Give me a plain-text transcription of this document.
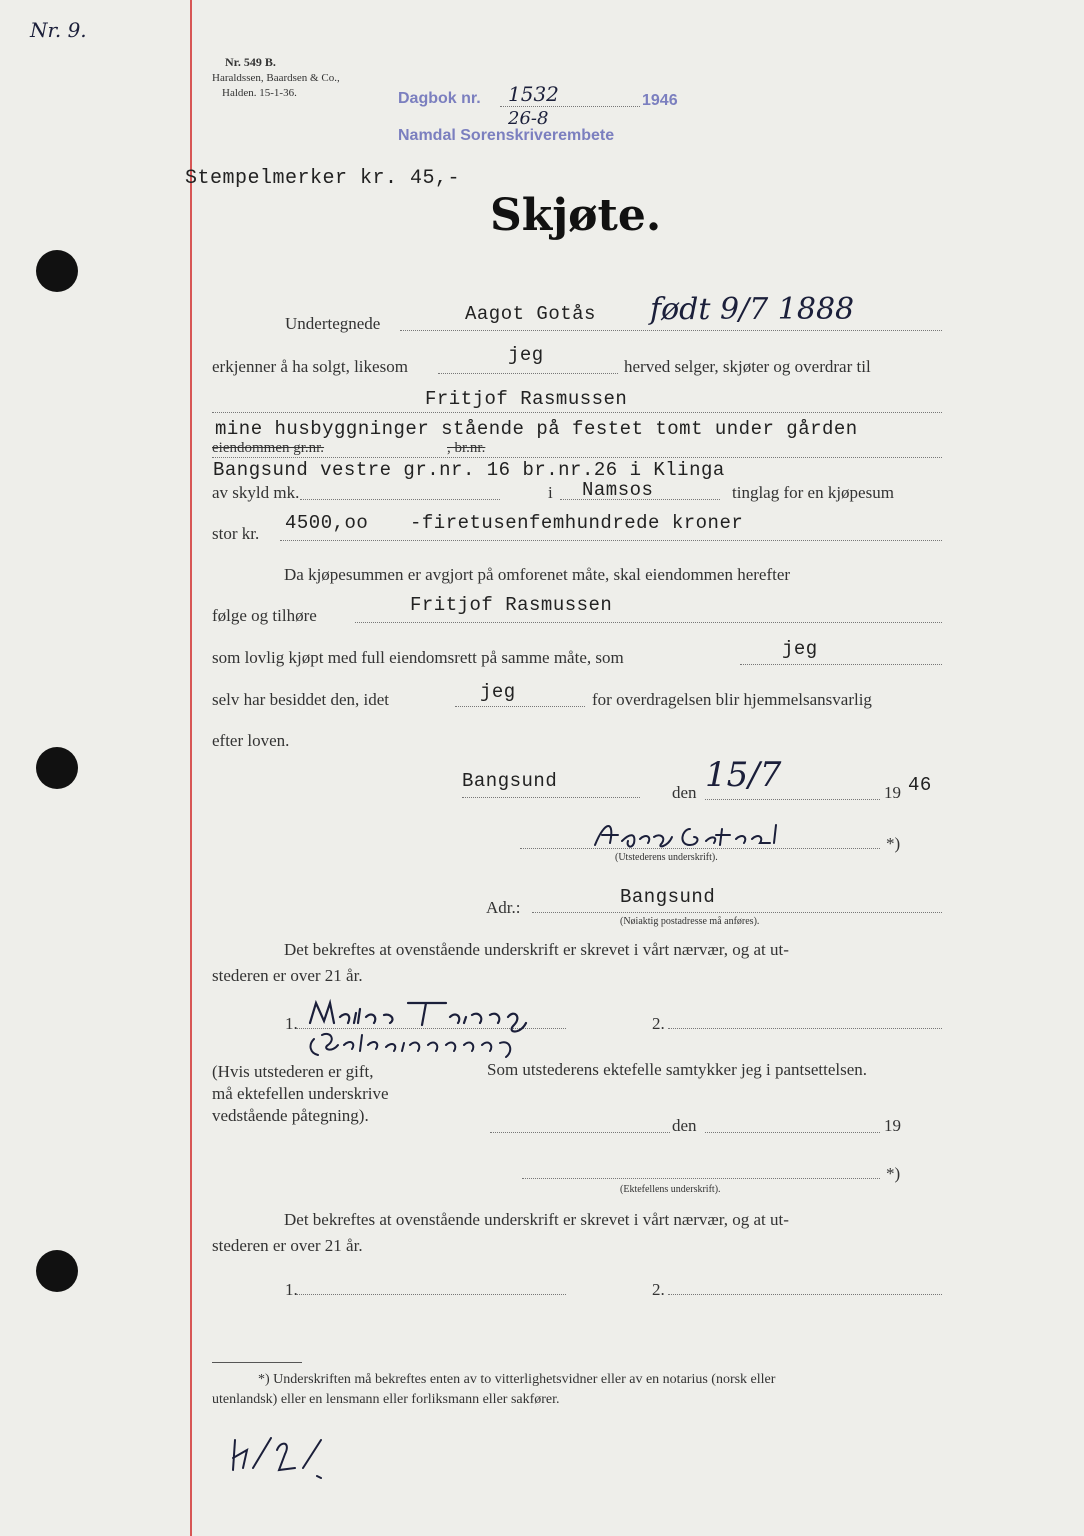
Nr. 9.
Nr. 549 B.
Haraldssen, Baardsen & Co.,
Halden. 15-1-36.	Dagbok nr. 1532	1946
26-8
Namdal Sorenskriverembete
Stempelmerker kr. 45,-
Skjøte.
Undertegnede	Aagot Gotås født 9/7 1888
erkjenner å ha solgt, likesom
jeg
herved selger, skjøter og overdrar til
Fritjof Rasmussen
mine husbyggninger stående på festet tomt under gården
eiendommen gr.nr.	, br.nr.
Bangsund vestre gr.nr. 16 br.nr.26 i Klinga
av skyld mk.	i Namsos	tinglag for en kjøpesum
stor kr. 4500,oo -firetusenfemhundrede kroner
Da kjøpesummen er avgjort på omforenet måte, skal eiendommen herefter
følge og tilhøre	Fritjof Rasmussen
som lovlig kjøpt med full eiendomsrett på samme måte, som	jeg
selv har besiddet den, idet	jeg	for overdragelsen blir hjemmelsansvarlig
efter loven.
Bangsund
den 15/7	19 46
*)
(Utstederens underskrift).
Adr.:	Bangsund
(Nøiaktig postadresse må anføres).
Det bekreftes at ovenstående underskrift er skrevet i vårt nærvær, og at ut-
stederen er over 21 år.
1.	2.
(Hvis utstederen er gift,
må ektefellen underskrive
vedstående påtegning).
Som utstederens ektefelle samtykker jeg i pantsettelsen.
den	19
*)
(Ektefellens underskrift).
Det bekreftes at ovenstående underskrift er skrevet i vårt nærvær, og at ut-
stederen er over 21 år.
1.	2.
*) Underskriften må bekreftes enten av to vitterlighetsvidner eller av en notarius (norsk eller
utenlandsk) eller en lensmann eller forliksmann eller sakfører.
